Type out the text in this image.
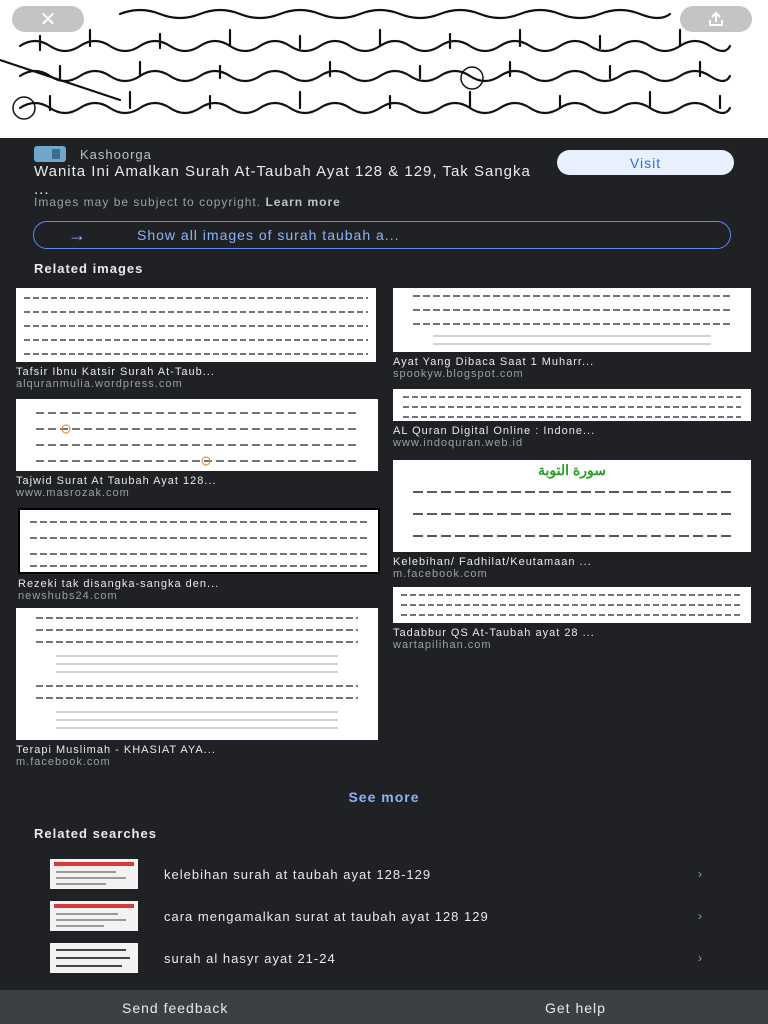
✕
Kashoorga
Wanita Ini Amalkan Surah At-Taubah Ayat 128 & 129, Tak Sangka ...
Visit
Images may be subject to copyright. Learn more
→	Show all images of surah taubah a...
Related images
Tafsir Ibnu Katsir Surah At-Taub...
alquranmulia.wordpress.com
Tajwid Surat At Taubah Ayat 128...
www.masrozak.com
Rezeki tak disangka-sangka den...
newshubs24.com
Terapi Muslimah - KHASIAT AYA...
m.facebook.com
Ayat Yang Dibaca Saat 1 Muharr...
spookyw.blogspot.com
AL Quran Digital Online : Indone...
www.indoquran.web.id
سورة التوبة
Kelebihan/ Fadhilat/Keutamaan ...
m.facebook.com
Tadabbur QS At-Taubah ayat 28 ...
wartapilihan.com
See more
Related searches
kelebihan surah at taubah ayat 128-129	›
cara mengamalkan surat at taubah ayat 128 129	›
surah al hasyr ayat 21-24	›
Send feedback	Get help
